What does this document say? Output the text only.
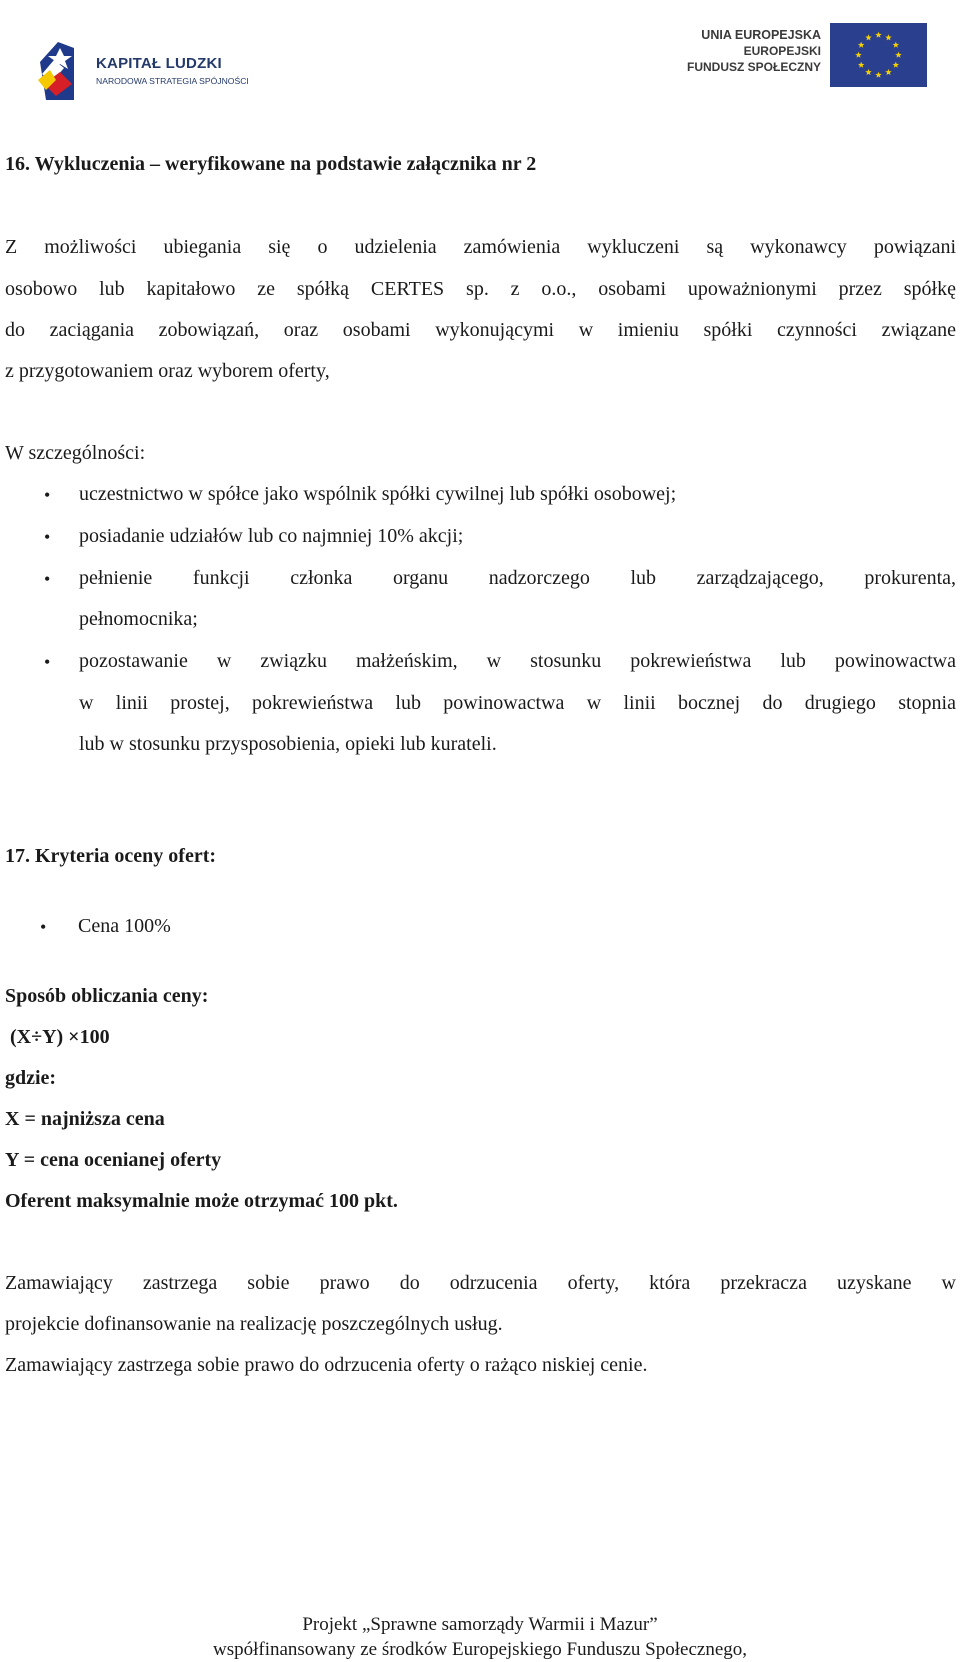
KAPITAŁ LUDZKI
NARODOWA STRATEGIA SPÓJNOŚCI
UNIA EUROPEJSKA
EUROPEJSKI
FUNDUSZ SPOŁECZNY
16. Wykluczenia – weryfikowane na podstawie załącznika nr 2
Z możliwości ubiegania się o udzielenia zamówienia wykluczeni są wykonawcy powiązani
osobowo lub kapitałowo ze spółką CERTES sp. z o.o., osobami upoważnionymi przez spółkę
do zaciągania zobowiązań, oraz osobami wykonującymi w imieniu spółki czynności związane
z przygotowaniem oraz wyborem oferty,
W szczególności:
• uczestnictwo w spółce jako wspólnik spółki cywilnej lub spółki osobowej;
• posiadanie udziałów lub co najmniej 10% akcji;
• pełnienie funkcji członka organu nadzorczego lub zarządzającego, prokurenta,
pełnomocnika;
• pozostawanie w związku małżeńskim, w stosunku pokrewieństwa lub powinowactwa
w linii prostej, pokrewieństwa lub powinowactwa w linii bocznej do drugiego stopnia
lub w stosunku przysposobienia, opieki lub kurateli.
17. Kryteria oceny ofert:
• Cena 100%
Sposób obliczania ceny:
(X÷Y) ×100
gdzie:
X = najniższa cena
Y = cena ocenianej oferty
Oferent maksymalnie może otrzymać 100 pkt.
Zamawiający zastrzega sobie prawo do odrzucenia oferty, która przekracza uzyskane w
projekcie dofinansowanie na realizację poszczególnych usług.
Zamawiający zastrzega sobie prawo do odrzucenia oferty o rażąco niskiej cenie.
Projekt „Sprawne samorządy Warmii i Mazur”
współfinansowany ze środków Europejskiego Funduszu Społecznego,
